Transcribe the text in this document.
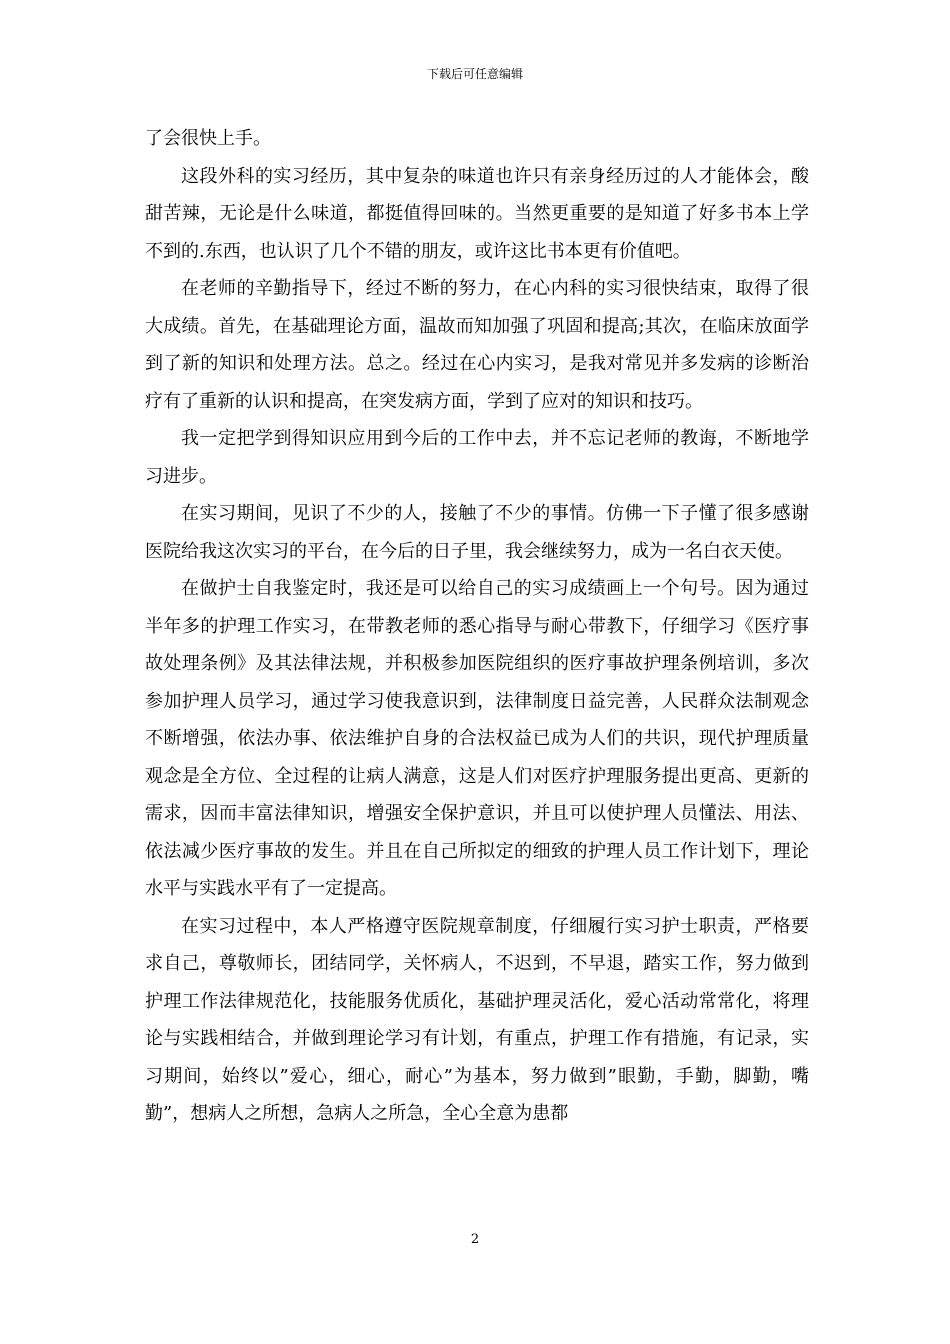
下载后可任意编辑

了会很快上手。

这段外科的实习经历，其中复杂的味道也许只有亲身经历过的人才能体会，酸甜苦辣，无论是什么味道，都挺值得回味的。当然更重要的是知道了好多书本上学不到的.东西，也认识了几个不错的朋友，或许这比书本更有价值吧。

在老师的辛勤指导下，经过不断的努力，在心内科的实习很快结束，取得了很大成绩。首先，在基础理论方面，温故而知加强了巩固和提高;其次，在临床放面学到了新的知识和处理方法。总之。经过在心内实习，是我对常见并多发病的诊断治疗有了重新的认识和提高，在突发病方面，学到了应对的知识和技巧。

我一定把学到得知识应用到今后的工作中去，并不忘记老师的教诲，不断地学习进步。

在实习期间，见识了不少的人，接触了不少的事情。仿佛一下子懂了很多感谢医院给我这次实习的平台，在今后的日子里，我会继续努力，成为一名白衣天使。

在做护士自我鉴定时，我还是可以给自己的实习成绩画上一个句号。因为通过半年多的护理工作实习，在带教老师的悉心指导与耐心带教下，仔细学习《医疗事故处理条例》及其法律法规，并积极参加医院组织的医疗事故护理条例培训，多次参加护理人员学习，通过学习使我意识到，法律制度日益完善，人民群众法制观念不断增强，依法办事、依法维护自身的合法权益已成为人们的共识，现代护理质量观念是全方位、全过程的让病人满意，这是人们对医疗护理服务提出更高、更新的需求，因而丰富法律知识，增强安全保护意识，并且可以使护理人员懂法、用法、依法减少医疗事故的发生。并且在自己所拟定的细致的护理人员工作计划下，理论水平与实践水平有了一定提高。

在实习过程中，本人严格遵守医院规章制度，仔细履行实习护士职责，严格要求自己，尊敬师长，团结同学，关怀病人，不迟到，不早退，踏实工作，努力做到护理工作法律规范化，技能服务优质化，基础护理灵活化，爱心活动常常化，将理论与实践相结合，并做到理论学习有计划，有重点，护理工作有措施，有记录，实习期间，始终以”爱心，细心，耐心”为基本，努力做到”眼勤，手勤，脚勤，嘴勤”，想病人之所想，急病人之所急，全心全意为患都

2
